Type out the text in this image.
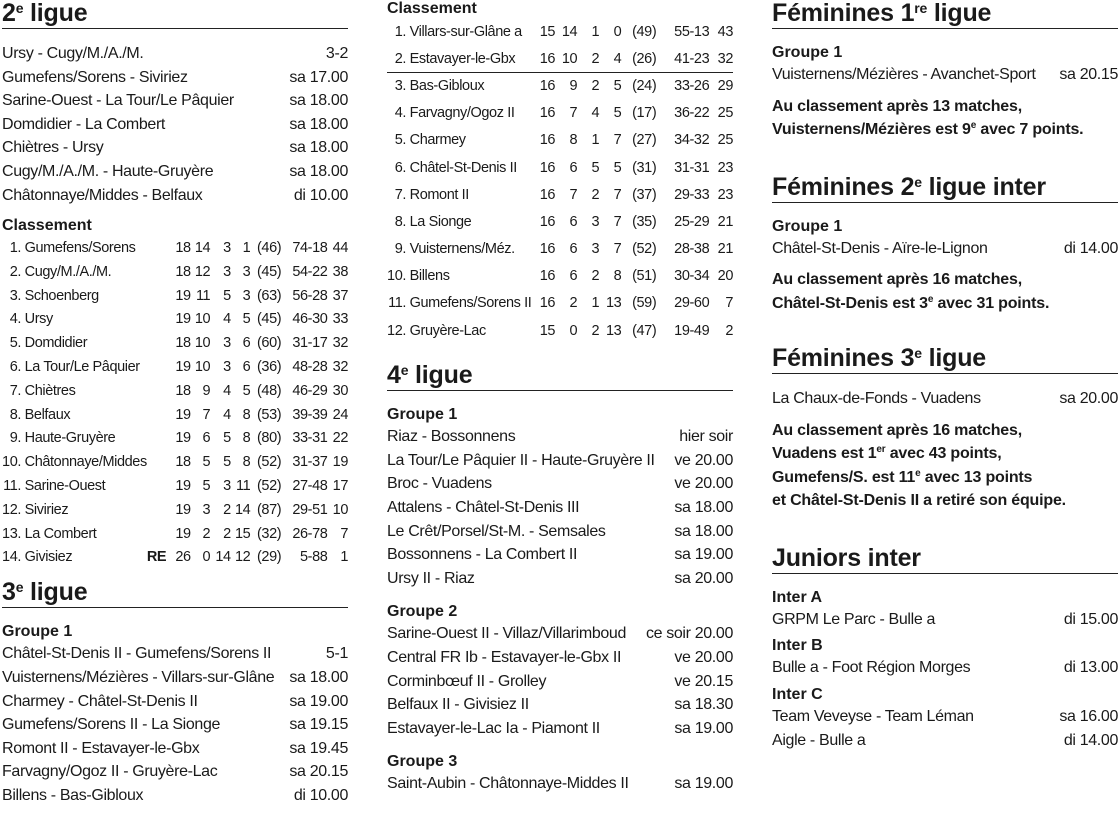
2e ligue
Ursy - Cugy/M./A./M.	3-2
Gumefens/Sorens - Siviriez	sa 17.00
Sarine-Ouest - La Tour/Le Pâquier	sa 18.00
Domdidier - La Combert	sa 18.00
Chiètres - Ursy	sa 18.00
Cugy/M./A./M. - Haute-Gruyère	sa 18.00
Châtonnaye/Middes - Belfaux	di 10.00
Classement
1. Gumefens/Sorens		18	14	3	1	(46)	74-18	44
2. Cugy/M./A./M.		18	12	3	3	(45)	54-22	38
3. Schoenberg		19	11	5	3	(63)	56-28	37
4. Ursy		19	10	4	5	(45)	46-30	33
5. Domdidier		18	10	3	6	(60)	31-17	32
6. La Tour/Le Pâquier		19	10	3	6	(36)	48-28	32
7. Chiètres		18	9	4	5	(48)	46-29	30
8. Belfaux		19	7	4	8	(53)	39-39	24
9. Haute-Gruyère		19	6	5	8	(80)	33-31	22
10. Châtonnaye/Middes		18	5	5	8	(52)	31-37	19
11. Sarine-Ouest		19	5	3	11	(52)	27-48	17
12. Siviriez		19	3	2	14	(87)	29-51	10
13. La Combert		19	2	2	15	(32)	26-78	7
14. Givisiez	RE	26	0	14	12	(29)	5-88	1
3e ligue
Groupe 1
Châtel-St-Denis II - Gumefens/Sorens II	5-1
Vuisternens/Mézières - Villars-sur-Glâne sa 18.00
Charmey - Châtel-St-Denis II	sa 19.00
Gumefens/Sorens II - La Sionge	sa 19.15
Romont II - Estavayer-le-Gbx	sa 19.45
Farvagny/Ogoz II - Gruyère-Lac	sa 20.15
Billens - Bas-Gibloux	di 10.00
Classement
1. Villars-sur-Glâne a	15	14	1	0	(49)	55-13	43
2. Estavayer-le-Gbx	16	10	2	4	(26)	41-23	32
3. Bas-Gibloux	16	9	2	5	(24)	33-26	29
4. Farvagny/Ogoz II	16	7	4	5	(17)	36-22	25
5. Charmey	16	8	1	7	(27)	34-32	25
6. Châtel-St-Denis II	16	6	5	5	(31)	31-31	23
7. Romont II	16	7	2	7	(37)	29-33	23
8. La Sionge	16	6	3	7	(35)	25-29	21
9. Vuisternens/Méz.	16	6	3	7	(52)	28-38	21
10. Billens	16	6	2	8	(51)	30-34	20
11. Gumefens/Sorens II	16	2	1	13	(59)	29-60	7
12. Gruyère-Lac	15	0	2	13	(47)	19-49	2
4e ligue
Groupe 1
Riaz - Bossonnens	hier soir
La Tour/Le Pâquier II - Haute-Gruyère II ve 20.00
Broc - Vuadens	ve 20.00
Attalens - Châtel-St-Denis III	sa 18.00
Le Crêt/Porsel/St-M. - Semsales	sa 18.00
Bossonnens - La Combert II	sa 19.00
Ursy II - Riaz	sa 20.00
Groupe 2
Sarine-Ouest II - Villaz/Villarimboud ce soir 20.00
Central FR Ib - Estavayer-le-Gbx II	ve 20.00
Corminbœuf II - Grolley	ve 20.15
Belfaux II - Givisiez II	sa 18.30
Estavayer-le-Lac Ia - Piamont II	sa 19.00
Groupe 3
Saint-Aubin - Châtonnaye-Middes II	sa 19.00
Féminines 1re ligue
Groupe 1
Vuisternens/Mézières - Avanchet-Sport sa 20.15
Au classement après 13 matches,
Vuisternens/Mézières est 9e avec 7 points.
Féminines 2e ligue inter
Groupe 1
Châtel-St-Denis - Aïre-le-Lignon	di 14.00
Au classement après 16 matches,
Châtel-St-Denis est 3e avec 31 points.
Féminines 3e ligue
La Chaux-de-Fonds - Vuadens	sa 20.00
Au classement après 16 matches,
Vuadens est 1er avec 43 points,
Gumefens/S. est 11e avec 13 points
et Châtel-St-Denis II a retiré son équipe.
Juniors inter
Inter A
GRPM Le Parc - Bulle a	di 15.00
Inter B
Bulle a - Foot Région Morges	di 13.00
Inter C
Team Veveyse - Team Léman	sa 16.00
Aigle - Bulle a	di 14.00
